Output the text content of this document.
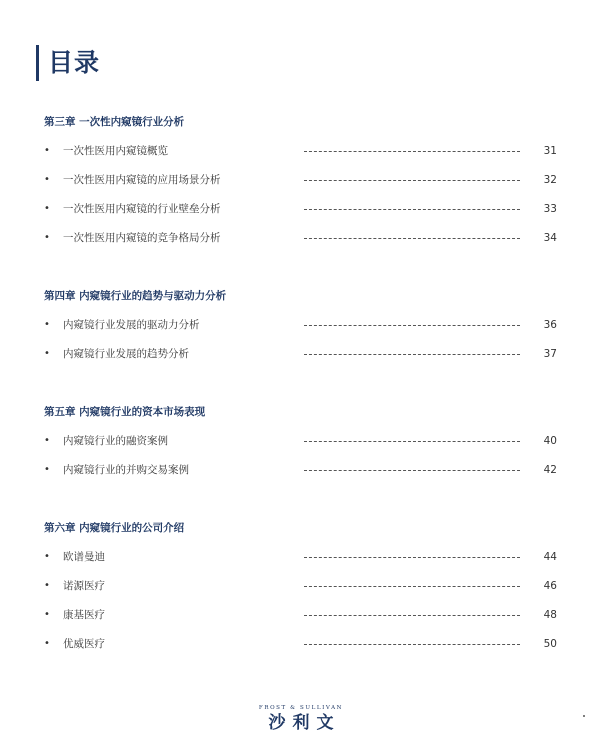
目录
第三章 一次性内窥镜行业分析
• 一次性医用内窥镜概览	31
• 一次性医用内窥镜的应用场景分析	32
• 一次性医用内窥镜的行业壁垒分析	33
• 一次性医用内窥镜的竞争格局分析	34
第四章 内窥镜行业的趋势与驱动力分析
• 内窥镜行业发展的驱动力分析	36
• 内窥镜行业发展的趋势分析	37
第五章 内窥镜行业的资本市场表现
• 内窥镜行业的融资案例	40
• 内窥镜行业的并购交易案例	42
第六章 内窥镜行业的公司介绍
• 欧谱曼迪	44
• 诺源医疗	46
• 康基医疗	48
• 优威医疗	50
FROST & SULLIVAN
沙利文
